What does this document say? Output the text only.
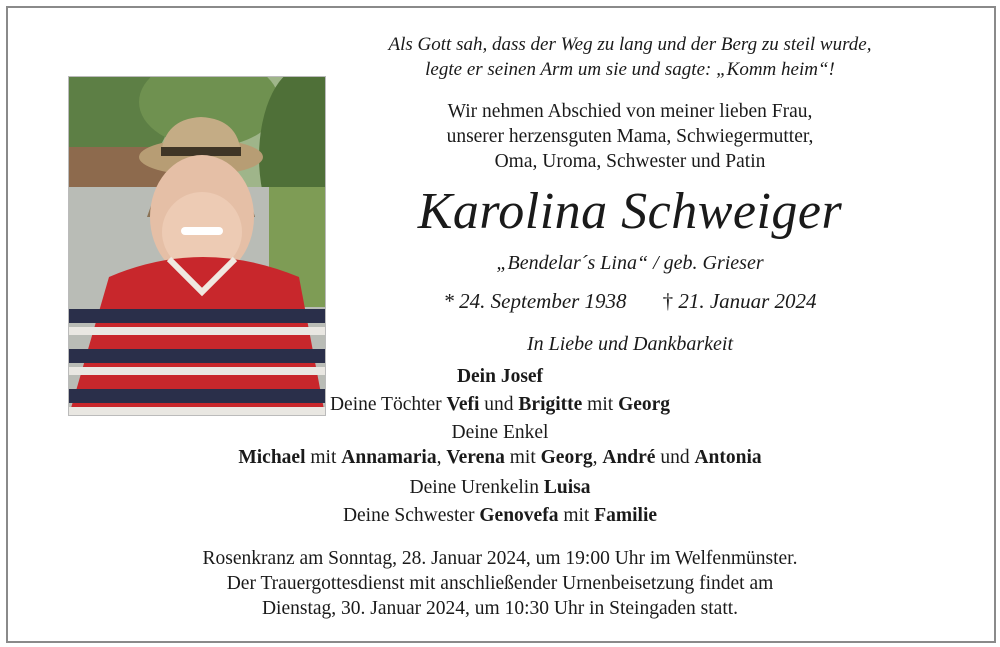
Als Gott sah, dass der Weg zu lang und der Berg zu steil wurde,
legte er seinen Arm um sie und sagte: „Komm heim“!
Wir nehmen Abschied von meiner lieben Frau,
unserer herzensguten Mama, Schwiegermutter,
Oma, Uroma, Schwester und Patin
Karolina Schweiger
„Bendelar´s Lina“ / geb. Grieser
* 24. September 1938 † 21. Januar 2024
In Liebe und Dankbarkeit
Dein Josef
Deine Töchter Vefi und Brigitte mit Georg
Deine Enkel
Michael mit Annamaria, Verena mit Georg, André und Antonia
Deine Urenkelin Luisa
Deine Schwester Genovefa mit Familie
Rosenkranz am Sonntag, 28. Januar 2024, um 19:00 Uhr im Welfenmünster.
Der Trauergottesdienst mit anschließender Urnenbeisetzung findet am
Dienstag, 30. Januar 2024, um 10:30 Uhr in Steingaden statt.
